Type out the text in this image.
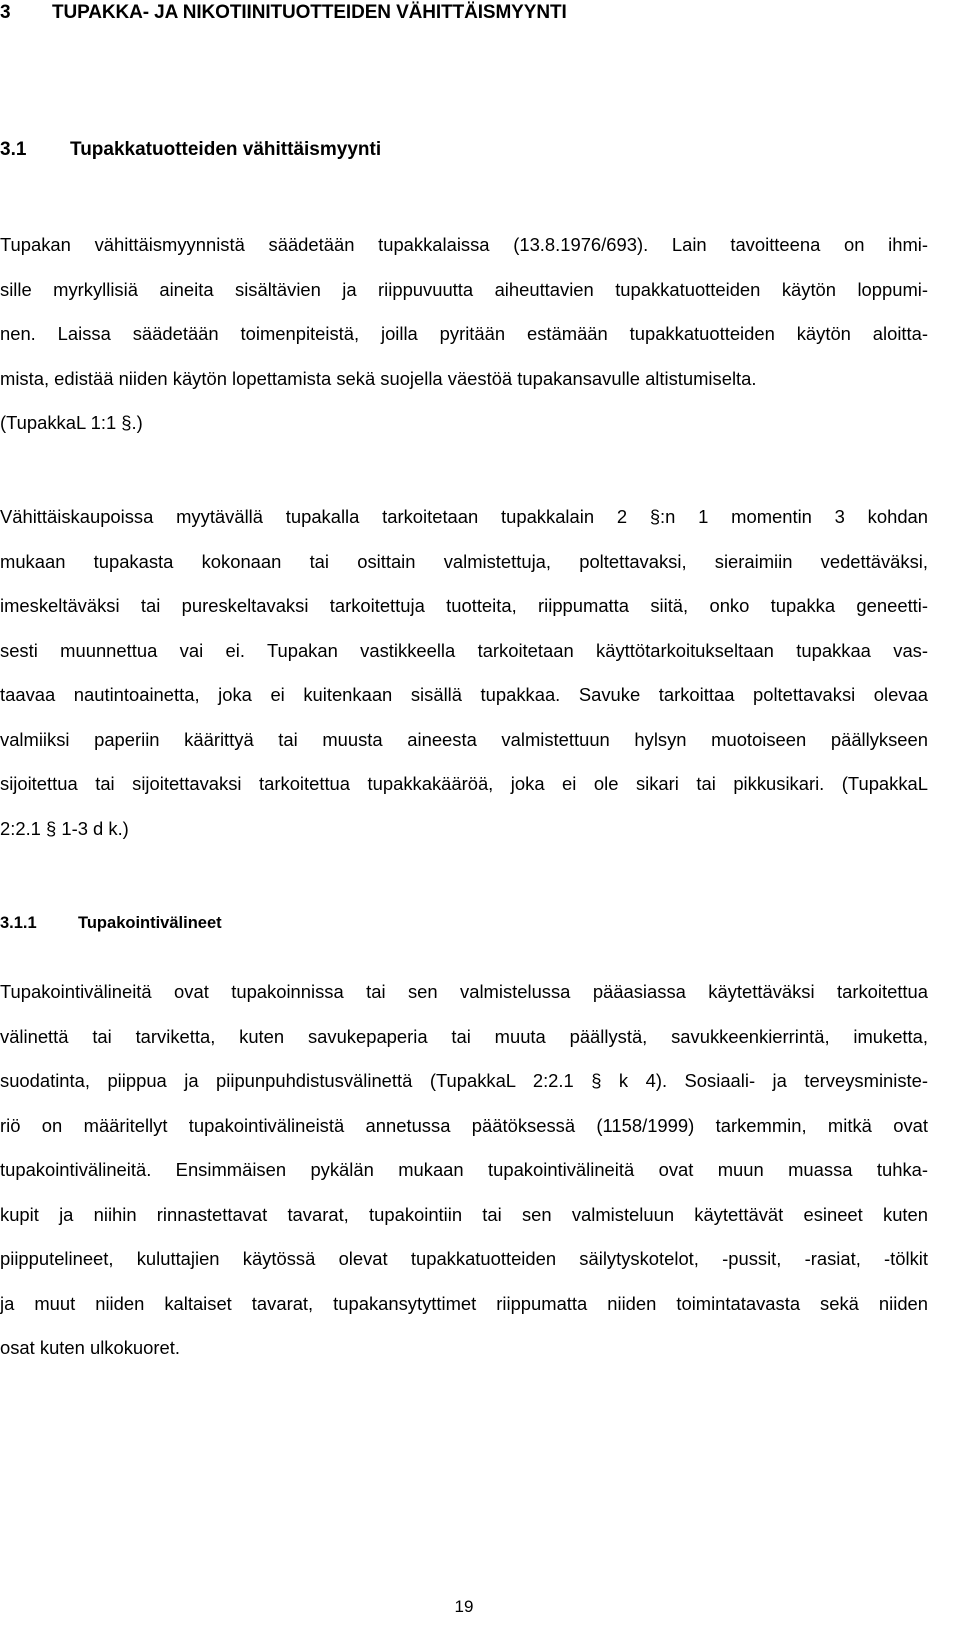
3 TUPAKKA- JA NIKOTIINITUOTTEIDEN VÄHITTÄISMYYNTI
3.1 Tupakkatuotteiden vähittäismyynti
Tupakan vähittäismyynnistä säädetään tupakkalaissa (13.8.1976/693). Lain tavoitteena on ihmi-
sille myrkyllisiä aineita sisältävien ja riippuvuutta aiheuttavien tupakkatuotteiden käytön loppumi-
nen. Laissa säädetään toimenpiteistä, joilla pyritään estämään tupakkatuotteiden käytön aloitta-
mista, edistää niiden käytön lopettamista sekä suojella väestöä tupakansavulle altistumiselta.
(TupakkaL 1:1 §.)
Vähittäiskaupoissa myytävällä tupakalla tarkoitetaan tupakkalain 2 §:n 1 momentin 3 kohdan
mukaan tupakasta kokonaan tai osittain valmistettuja, poltettavaksi, sieraimiin vedettäväksi,
imeskeltäväksi tai pureskeltavaksi tarkoitettuja tuotteita, riippumatta siitä, onko tupakka geneetti-
sesti muunnettua vai ei. Tupakan vastikkeella tarkoitetaan käyttötarkoitukseltaan tupakkaa vas-
taavaa nautintoainetta, joka ei kuitenkaan sisällä tupakkaa. Savuke tarkoittaa poltettavaksi olevaa
valmiiksi paperiin käärittyä tai muusta aineesta valmistettuun hylsyn muotoiseen päällykseen
sijoitettua tai sijoitettavaksi tarkoitettua tupakkakääröä, joka ei ole sikari tai pikkusikari. (TupakkaL
2:2.1 § 1-3 d k.)
3.1.1	Tupakointivälineet
Tupakointivälineitä ovat tupakoinnissa tai sen valmistelussa pääasiassa käytettäväksi tarkoitettua
välinettä tai tarviketta, kuten savukepaperia tai muuta päällystä, savukkeenkierrintä, imuketta,
suodatinta, piippua ja piipunpuhdistusvälinettä (TupakkaL 2:2.1 § k 4). Sosiaali- ja terveysministe-
riö on määritellyt tupakointivälineistä annetussa päätöksessä (1158/1999) tarkemmin, mitkä ovat
tupakointivälineitä. Ensimmäisen pykälän mukaan tupakointivälineitä ovat muun muassa tuhka-
kupit ja niihin rinnastettavat tavarat, tupakointiin tai sen valmisteluun käytettävät esineet kuten
piipputelineet, kuluttajien käytössä olevat tupakkatuotteiden säilytyskotelot, -pussit, -rasiat, -tölkit
ja muut niiden kaltaiset tavarat, tupakansytyttimet riippumatta niiden toimintatavasta sekä niiden
osat kuten ulkokuoret.
19
